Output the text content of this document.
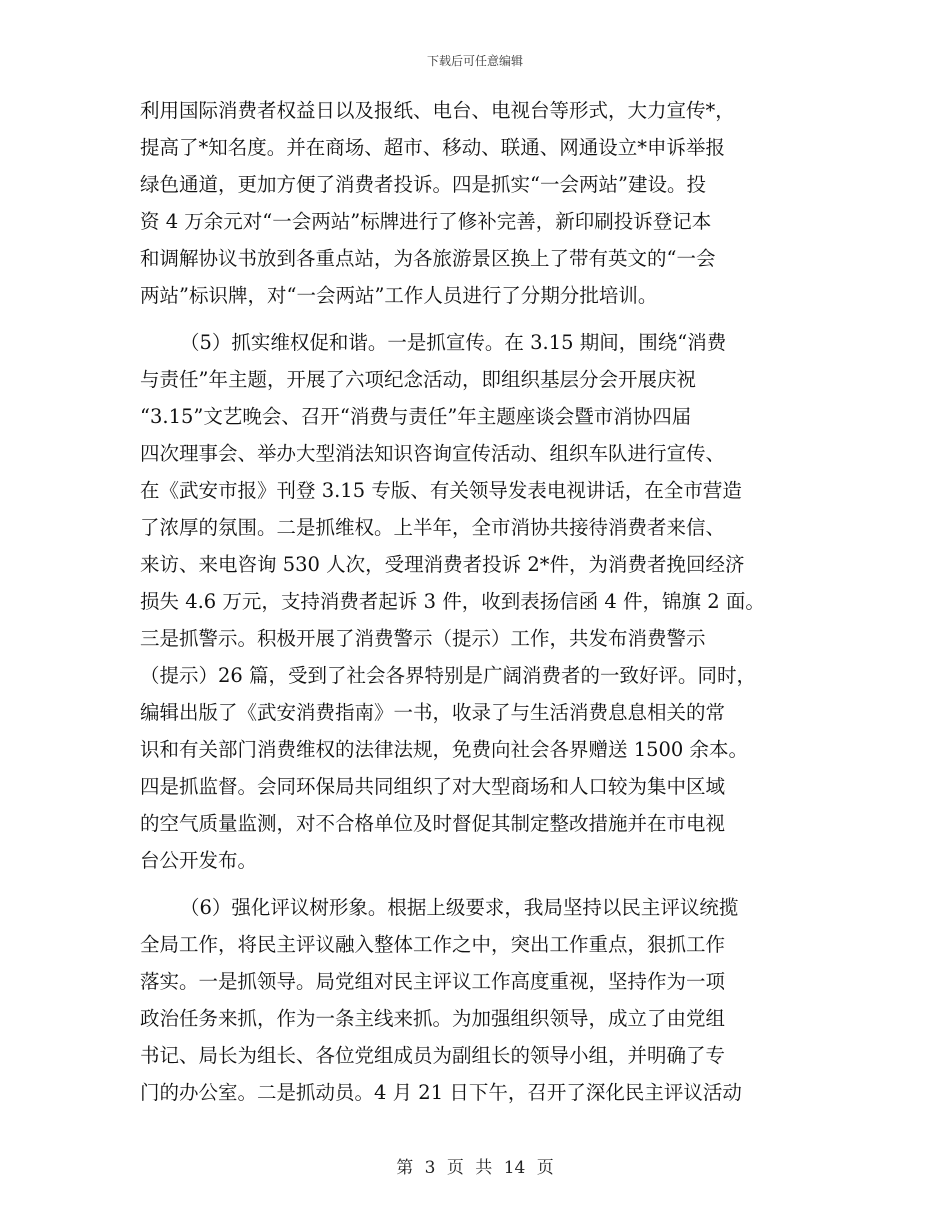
下载后可任意编辑
利用国际消费者权益日以及报纸、电台、电视台等形式，大力宣传*，
提高了*知名度。并在商场、超市、移动、联通、网通设立*申诉举报
绿色通道，更加方便了消费者投诉。四是抓实“一会两站”建设。投
资 4 万余元对“一会两站”标牌进行了修补完善，新印刷投诉登记本
和调解协议书放到各重点站，为各旅游景区换上了带有英文的“一会
两站”标识牌，对“一会两站”工作人员进行了分期分批培训。
（5）抓实维权促和谐。一是抓宣传。在 3.15 期间，围绕“消费
与责任”年主题，开展了六项纪念活动，即组织基层分会开展庆祝
“3.15”文艺晚会、召开“消费与责任”年主题座谈会暨市消协四届
四次理事会、举办大型消法知识咨询宣传活动、组织车队进行宣传、
在《武安市报》刊登 3.15 专版、有关领导发表电视讲话，在全市营造
了浓厚的氛围。二是抓维权。上半年，全市消协共接待消费者来信、
来访、来电咨询 530 人次，受理消费者投诉 2*件，为消费者挽回经济
损失 4.6 万元，支持消费者起诉 3 件，收到表扬信函 4 件，锦旗 2 面。
三是抓警示。积极开展了消费警示（提示）工作，共发布消费警示
（提示）26 篇，受到了社会各界特别是广阔消费者的一致好评。同时，
编辑出版了《武安消费指南》一书，收录了与生活消费息息相关的常
识和有关部门消费维权的法律法规，免费向社会各界赠送 1500 余本。
四是抓监督。会同环保局共同组织了对大型商场和人口较为集中区域
的空气质量监测，对不合格单位及时督促其制定整改措施并在市电视
台公开发布。
（6）强化评议树形象。根据上级要求，我局坚持以民主评议统揽
全局工作，将民主评议融入整体工作之中，突出工作重点，狠抓工作
落实。一是抓领导。局党组对民主评议工作高度重视，坚持作为一项
政治任务来抓，作为一条主线来抓。为加强组织领导，成立了由党组
书记、局长为组长、各位党组成员为副组长的领导小组，并明确了专
门的办公室。二是抓动员。4 月 21 日下午，召开了深化民主评议活动
第 3 页 共 14 页
